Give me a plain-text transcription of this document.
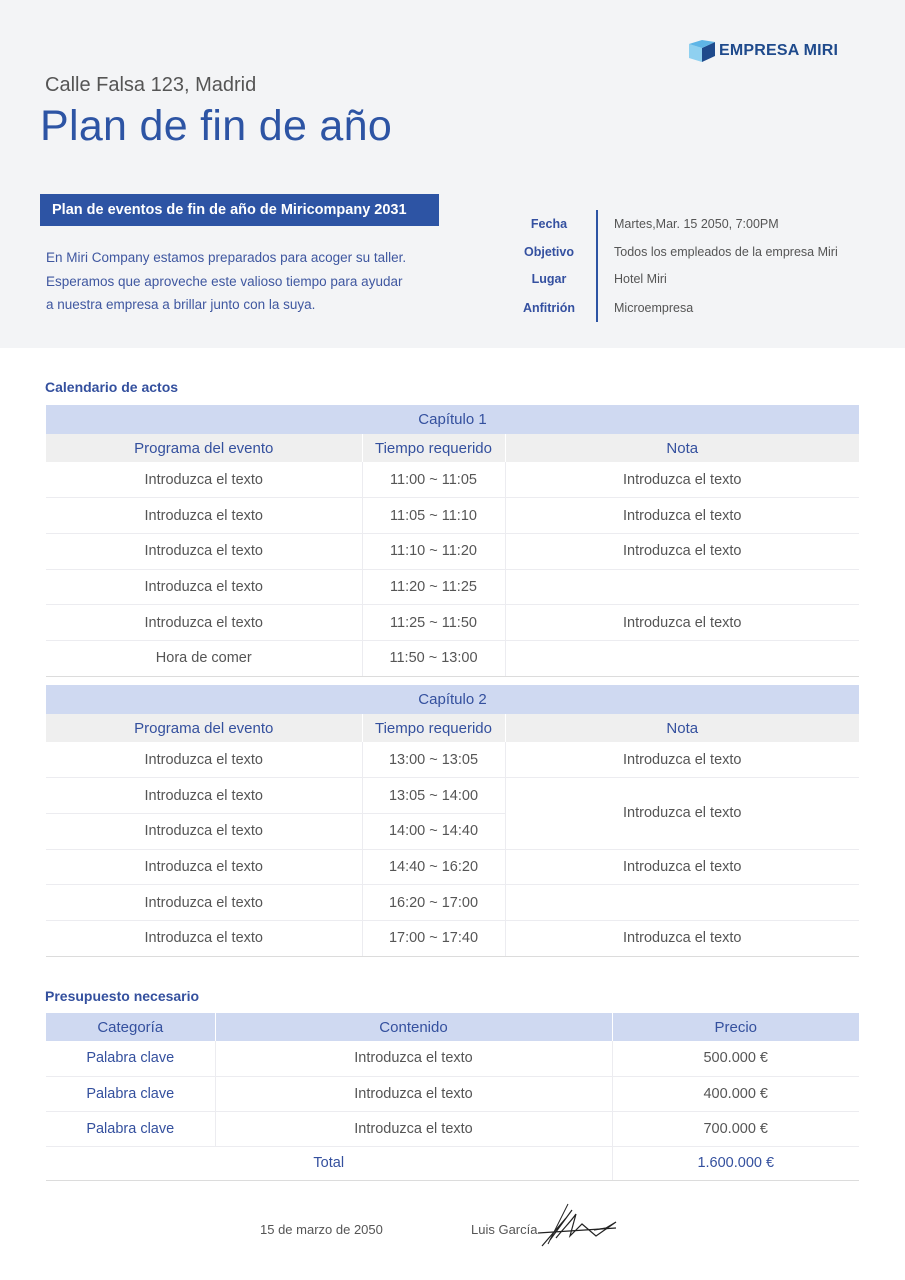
EMPRESA MIRI
Calle Falsa 123, Madrid
Plan de fin de año
Plan de eventos de fin de año de Miricompany 2031
En Miri Company estamos preparados para acoger su taller.
Esperamos que aproveche este valioso tiempo para ayudar
a nuestra empresa a brillar junto con la suya.
Fecha	Martes,Mar. 15 2050, 7:00PM
Objetivo	Todos los empleados de la empresa Miri
Lugar	Hotel Miri
Anfitrión	Microempresa
Calendario de actos
Capítulo 1		
Programa del evento	Tiempo requerido	Nota
Introduzca el texto	11:00 ~ 11:05	Introduzca el texto
Introduzca el texto	11:05 ~ 11:10	Introduzca el texto
Introduzca el texto	11:10 ~ 11:20	Introduzca el texto
Introduzca el texto	11:20 ~ 11:25	
Introduzca el texto	11:25 ~ 11:50	Introduzca el texto
Hora de comer	11:50 ~ 13:00	
Capítulo 2		
Programa del evento	Tiempo requerido	Nota
Introduzca el texto	13:00 ~ 13:05	Introduzca el texto
Introduzca el texto	13:05 ~ 14:00	Introduzca el texto
Introduzca el texto	14:00 ~ 14:40	
Introduzca el texto	14:40 ~ 16:20	Introduzca el texto
Introduzca el texto	16:20 ~ 17:00	
Introduzca el texto	17:00 ~ 17:40	Introduzca el texto
Presupuesto necesario
Categoría	Contenido	Precio
Palabra clave	Introduzca el texto	500.000 €
Palabra clave	Introduzca el texto	400.000 €
Palabra clave	Introduzca el texto	700.000 €
Total		1.600.000 €
15 de marzo de 2050	Luis García
